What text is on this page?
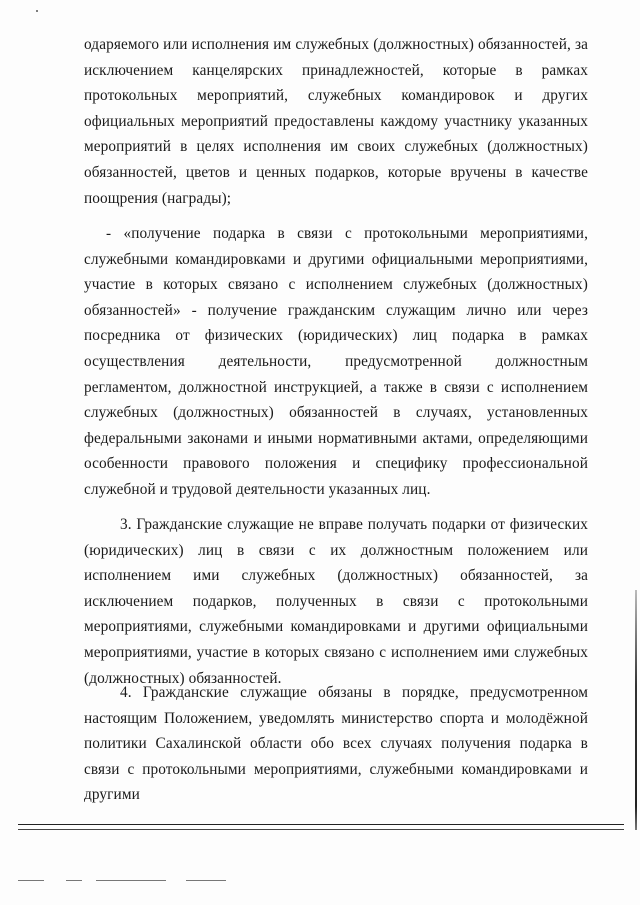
одаряемого или исполнения им служебных (должностных) обязанностей, за исключением канцелярских принадлежностей, которые в рамках протокольных мероприятий, служебных командировок и других официальных мероприятий предоставлены каждому участнику указанных мероприятий в целях исполнения им своих служебных (должностных) обязанностей, цветов и ценных подарков, которые вручены в качестве поощрения (награды);

- «получение подарка в связи с протокольными мероприятиями, служебными командировками и другими официальными мероприятиями, участие в которых связано с исполнением служебных (должностных) обязанностей» - получение гражданским служащим лично или через посредника от физических (юридических) лиц подарка в рамках осуществления деятельности, предусмотренной должностным регламентом, должностной инструкцией, а также в связи с исполнением служебных (должностных) обязанностей в случаях, установленных федеральными законами и иными нормативными актами, определяющими особенности правового положения и специфику профессиональной служебной и трудовой деятельности указанных лиц.

3. Гражданские служащие не вправе получать подарки от физических (юридических) лиц в связи с их должностным положением или исполнением ими служебных (должностных) обязанностей, за исключением подарков, полученных в связи с протокольными мероприятиями, служебными командировками и другими официальными мероприятиями, участие в которых связано с исполнением ими служебных (должностных) обязанностей.

4. Гражданские служащие обязаны в порядке, предусмотренном настоящим Положением, уведомлять министерство спорта и молодёжной политики Сахалинской области обо всех случаях получения подарка в связи с протокольными мероприятиями, служебными командировками и другими
